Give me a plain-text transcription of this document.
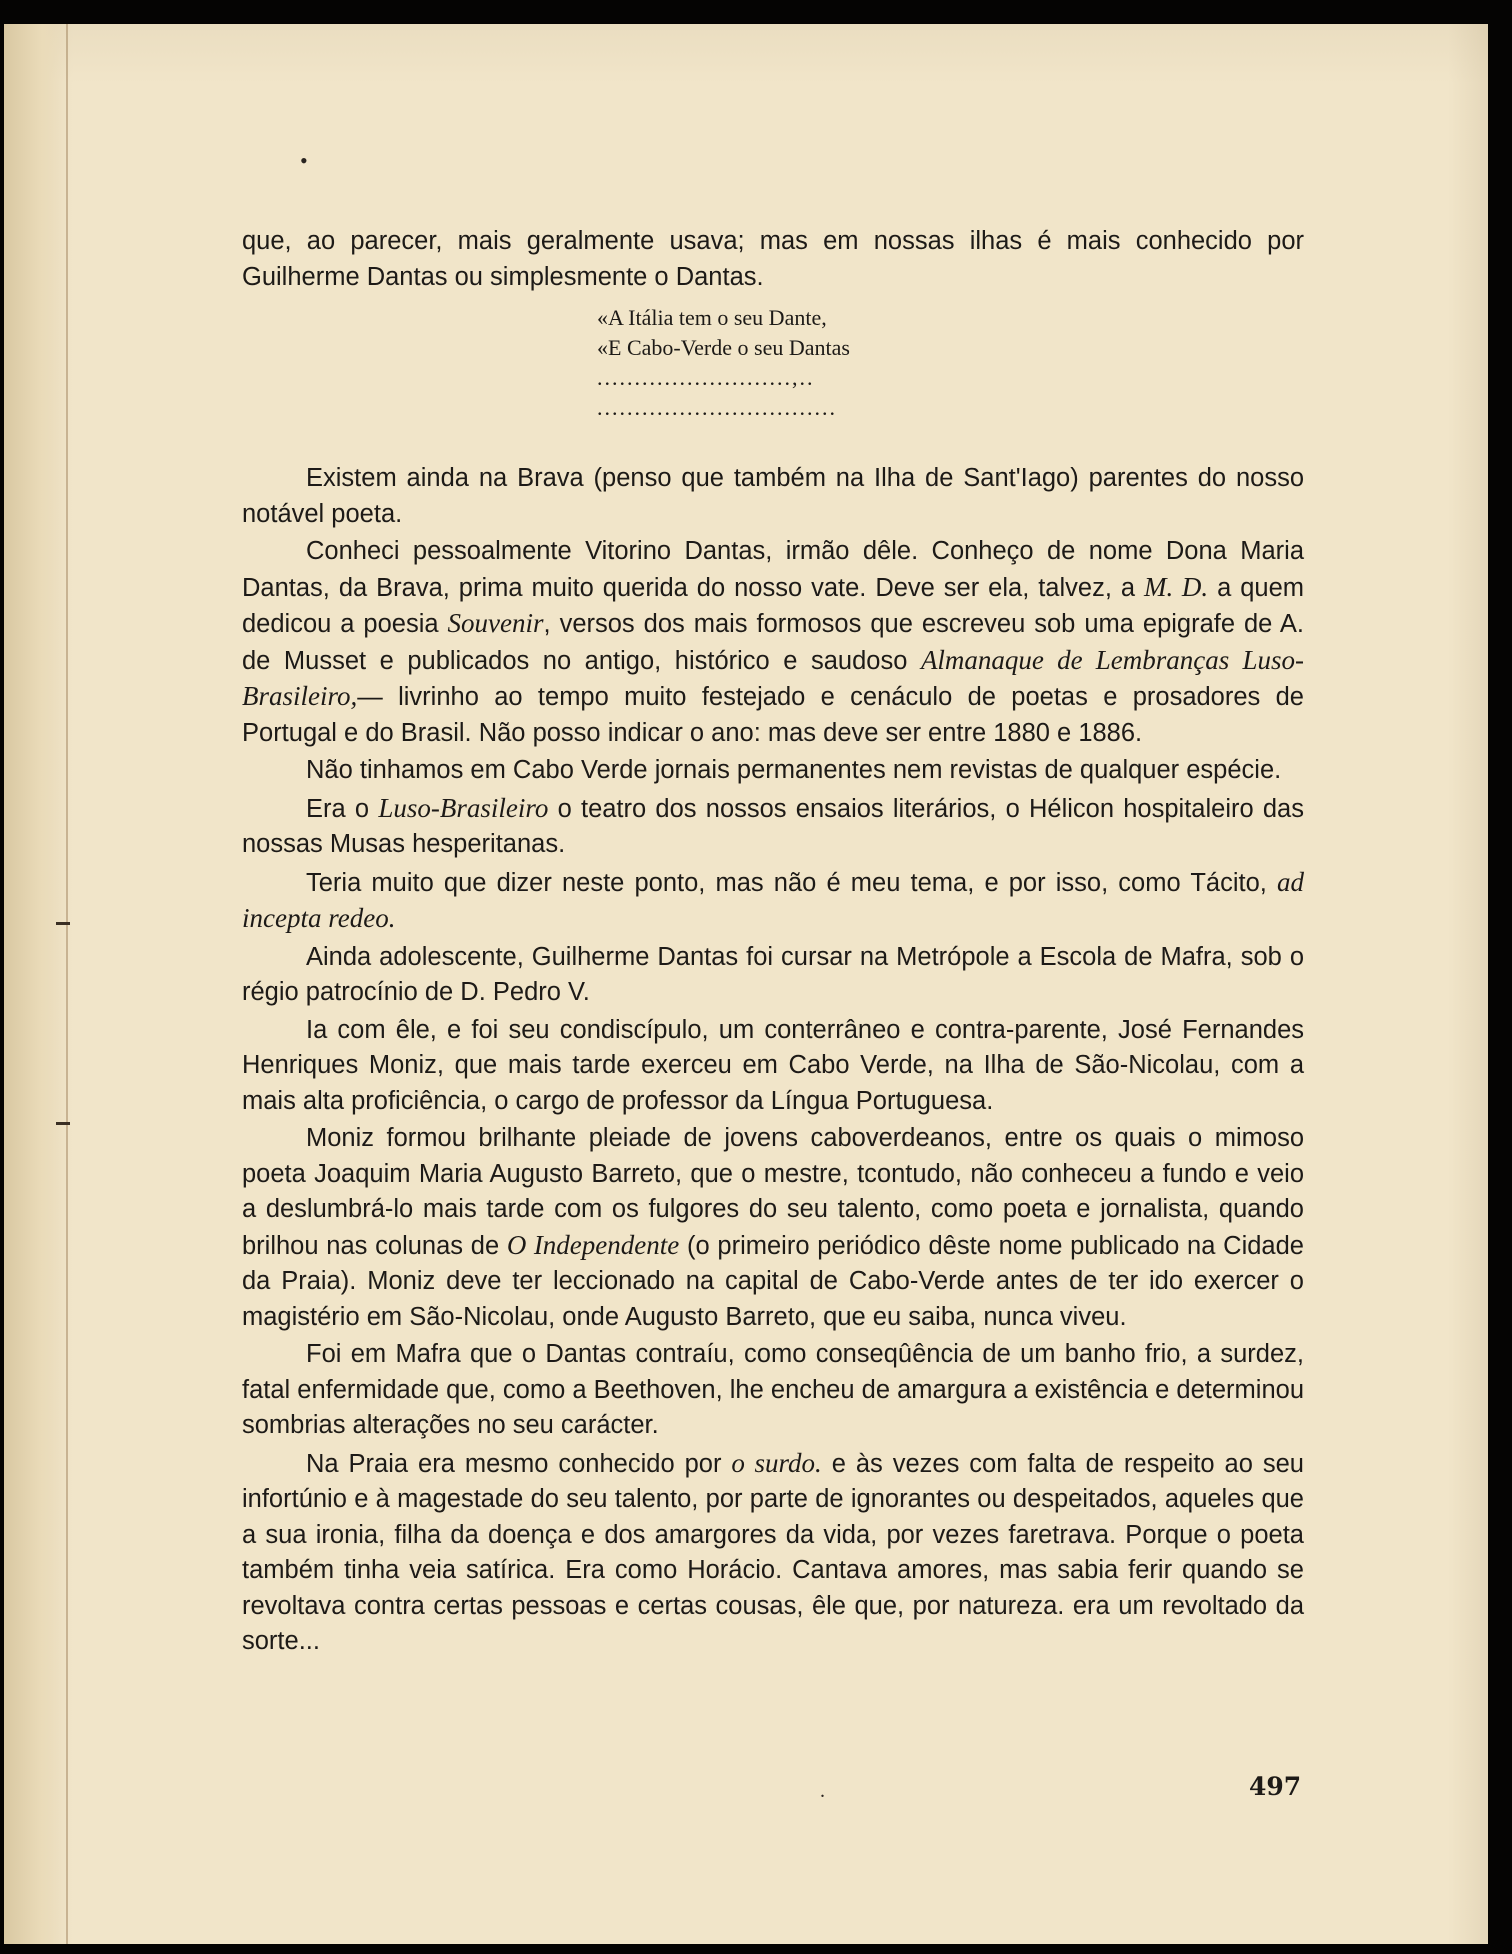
•

que, ao parecer, mais geralmente usava; mas em nossas ilhas é mais conhecido por Guilherme Dantas ou simplesmente o Dantas.

«A Itália tem o seu Dante,
«E Cabo-Verde o seu Dantas
..........................,..
................................

Existem ainda na Brava (penso que também na Ilha de Sant'Iago) parentes do nosso notável poeta.

Conheci pessoalmente Vitorino Dantas, irmão dêle. Conheço de nome Dona Maria Dantas, da Brava, prima muito querida do nosso vate. Deve ser ela, talvez, a M. D. a quem dedicou a poesia Souvenir, versos dos mais formosos que escreveu sob uma epigrafe de A. de Musset e publicados no antigo, histórico e saudoso Almanaque de Lembranças Luso-Brasileiro,— livrinho ao tempo muito festejado e cenáculo de poetas e prosadores de Portugal e do Brasil. Não posso indicar o ano: mas deve ser entre 1880 e 1886.

Não tinhamos em Cabo Verde jornais permanentes nem revistas de qualquer espécie.

Era o Luso-Brasileiro o teatro dos nossos ensaios literários, o Hélicon hospitaleiro das nossas Musas hesperitanas.

Teria muito que dizer neste ponto, mas não é meu tema, e por isso, como Tácito, ad incepta redeo.

Ainda adolescente, Guilherme Dantas foi cursar na Metrópole a Escola de Mafra, sob o régio patrocínio de D. Pedro V.

Ia com êle, e foi seu condiscípulo, um conterrâneo e contra-parente, José Fernandes Henriques Moniz, que mais tarde exerceu em Cabo Verde, na Ilha de São-Nicolau, com a mais alta proficiência, o cargo de professor da Língua Portuguesa.

Moniz formou brilhante pleiade de jovens caboverdeanos, entre os quais o mimoso poeta Joaquim Maria Augusto Barreto, que o mestre, tcontudo, não conheceu a fundo e veio a deslumbrá-lo mais tarde com os fulgores do seu talento, como poeta e jornalista, quando brilhou nas colunas de O Independente (o primeiro periódico dêste nome publicado na Cidade da Praia). Moniz deve ter leccionado na capital de Cabo-Verde antes de ter ido exercer o magistério em São-Nicolau, onde Augusto Barreto, que eu saiba, nunca viveu.

Foi em Mafra que o Dantas contraíu, como conseqûência de um banho frio, a surdez, fatal enfermidade que, como a Beethoven, lhe encheu de amargura a existência e determinou sombrias alterações no seu carácter.

Na Praia era mesmo conhecido por o surdo. e às vezes com falta de respeito ao seu infortúnio e à magestade do seu talento, por parte de ignorantes ou despeitados, aqueles que a sua ironia, filha da doença e dos amargores da vida, por vezes faretrava. Porque o poeta também tinha veia satírica. Era como Horácio. Cantava amores, mas sabia ferir quando se revoltava contra certas pessoas e certas cousas, êle que, por natureza. era um revoltado da sorte...

.	497
